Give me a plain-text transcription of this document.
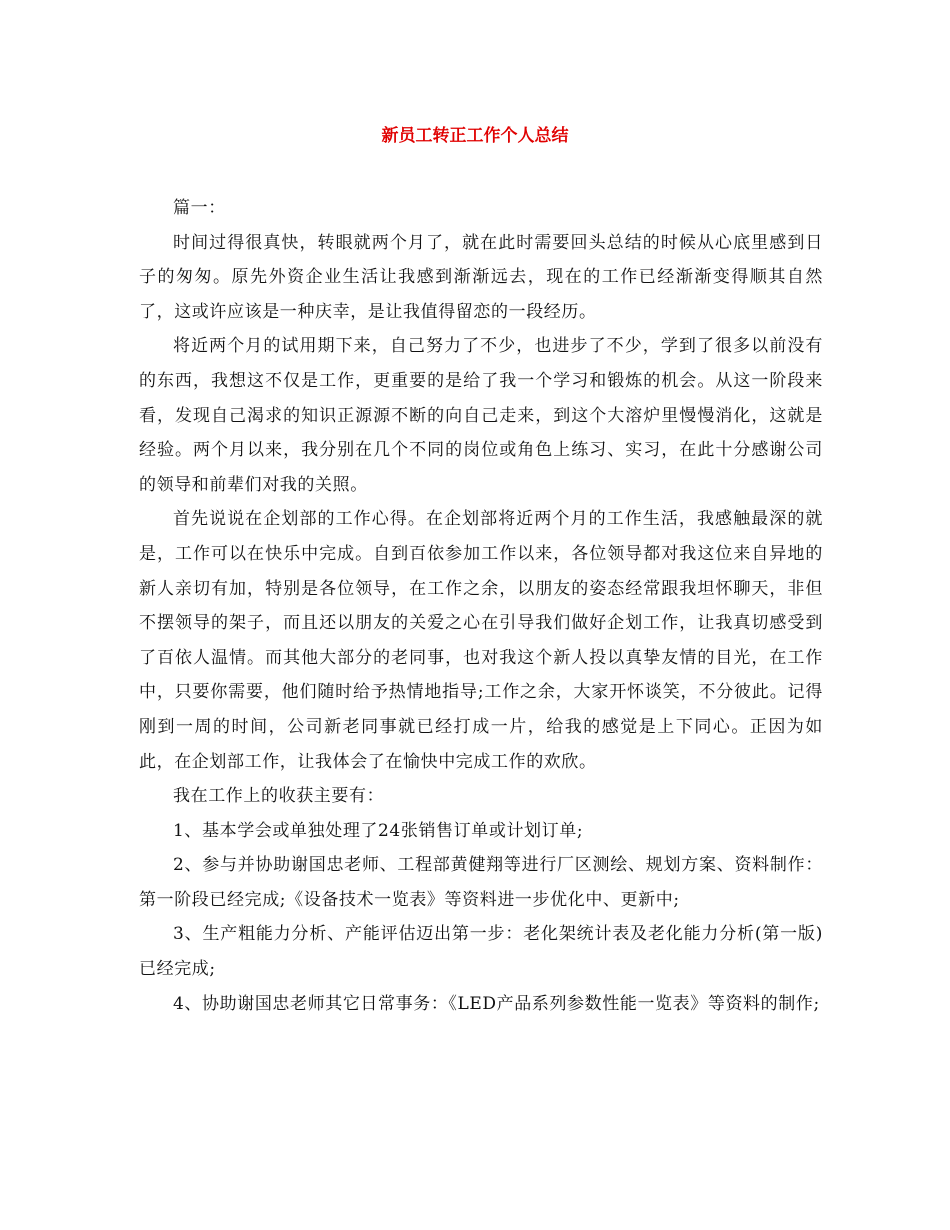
新员工转正工作个人总结

篇一：

时间过得很真快，转眼就两个月了，就在此时需要回头总结的时候从心底里感到日子的匆匆。原先外资企业生活让我感到渐渐远去，现在的工作已经渐渐变得顺其自然了，这或许应该是一种庆幸，是让我值得留恋的一段经历。

将近两个月的试用期下来，自己努力了不少，也进步了不少，学到了很多以前没有的东西，我想这不仅是工作，更重要的是给了我一个学习和锻炼的机会。从这一阶段来看，发现自己渴求的知识正源源不断的向自己走来，到这个大溶炉里慢慢消化，这就是经验。两个月以来，我分别在几个不同的岗位或角色上练习、实习，在此十分感谢公司的领导和前辈们对我的关照。

首先说说在企划部的工作心得。在企划部将近两个月的工作生活，我感触最深的就是，工作可以在快乐中完成。自到百依参加工作以来，各位领导都对我这位来自异地的新人亲切有加，特别是各位领导，在工作之余，以朋友的姿态经常跟我坦怀聊天，非但不摆领导的架子，而且还以朋友的关爱之心在引导我们做好企划工作，让我真切感受到了百依人温情。而其他大部分的老同事，也对我这个新人投以真挚友情的目光，在工作中，只要你需要，他们随时给予热情地指导;工作之余，大家开怀谈笑，不分彼此。记得刚到一周的时间，公司新老同事就已经打成一片，给我的感觉是上下同心。正因为如此，在企划部工作，让我体会了在愉快中完成工作的欢欣。

我在工作上的收获主要有：

1、基本学会或单独处理了24张销售订单或计划订单;

2、参与并协助谢国忠老师、工程部黄健翔等进行厂区测绘、规划方案、资料制作：第一阶段已经完成;《设备技术一览表》等资料进一步优化中、更新中;

3、生产粗能力分析、产能评估迈出第一步：老化架统计表及老化能力分析(第一版)已经完成;

4、协助谢国忠老师其它日常事务：《LED产品系列参数性能一览表》等资料的制作;
